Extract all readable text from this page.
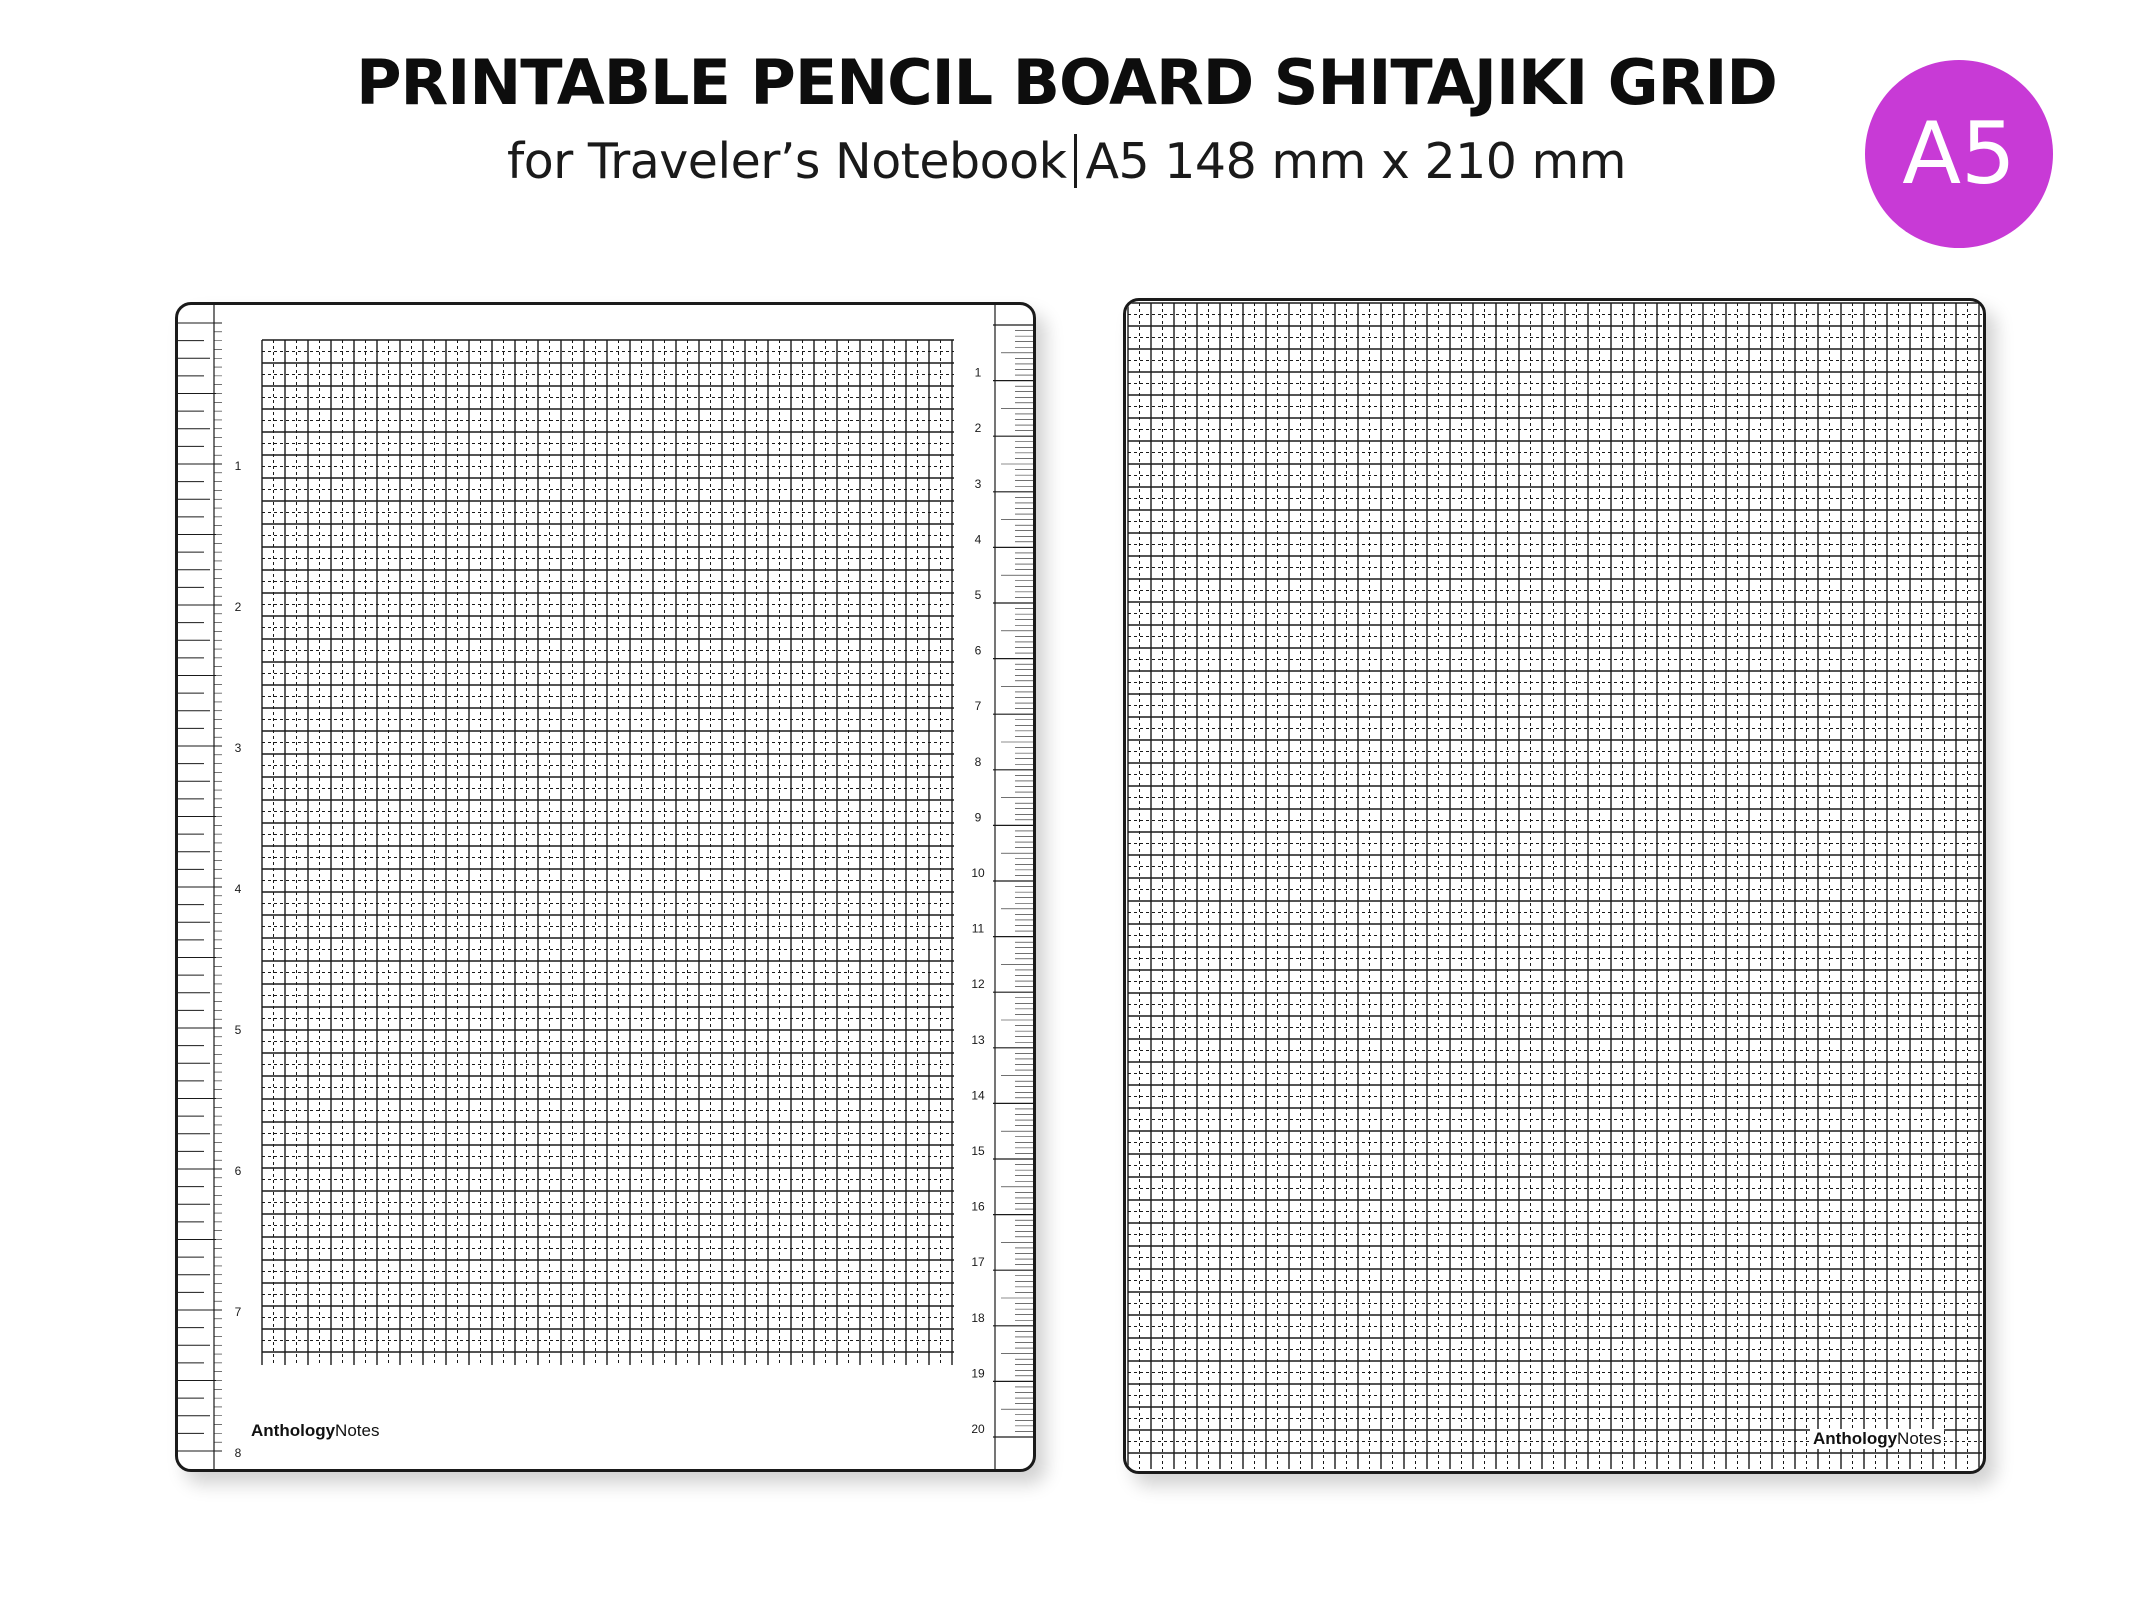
PRINTABLE PENCIL BOARD SHITAJIKI GRID
for Traveler’s Notebook A5 148 mm x 210 mm	A5
1
2
3
4
5
6
7
8
1
2
3
4
5
6
7
8
9
10
11
12
13
14
15
16
17
18
19
20
AnthologyNotes	AnthologyNotes
